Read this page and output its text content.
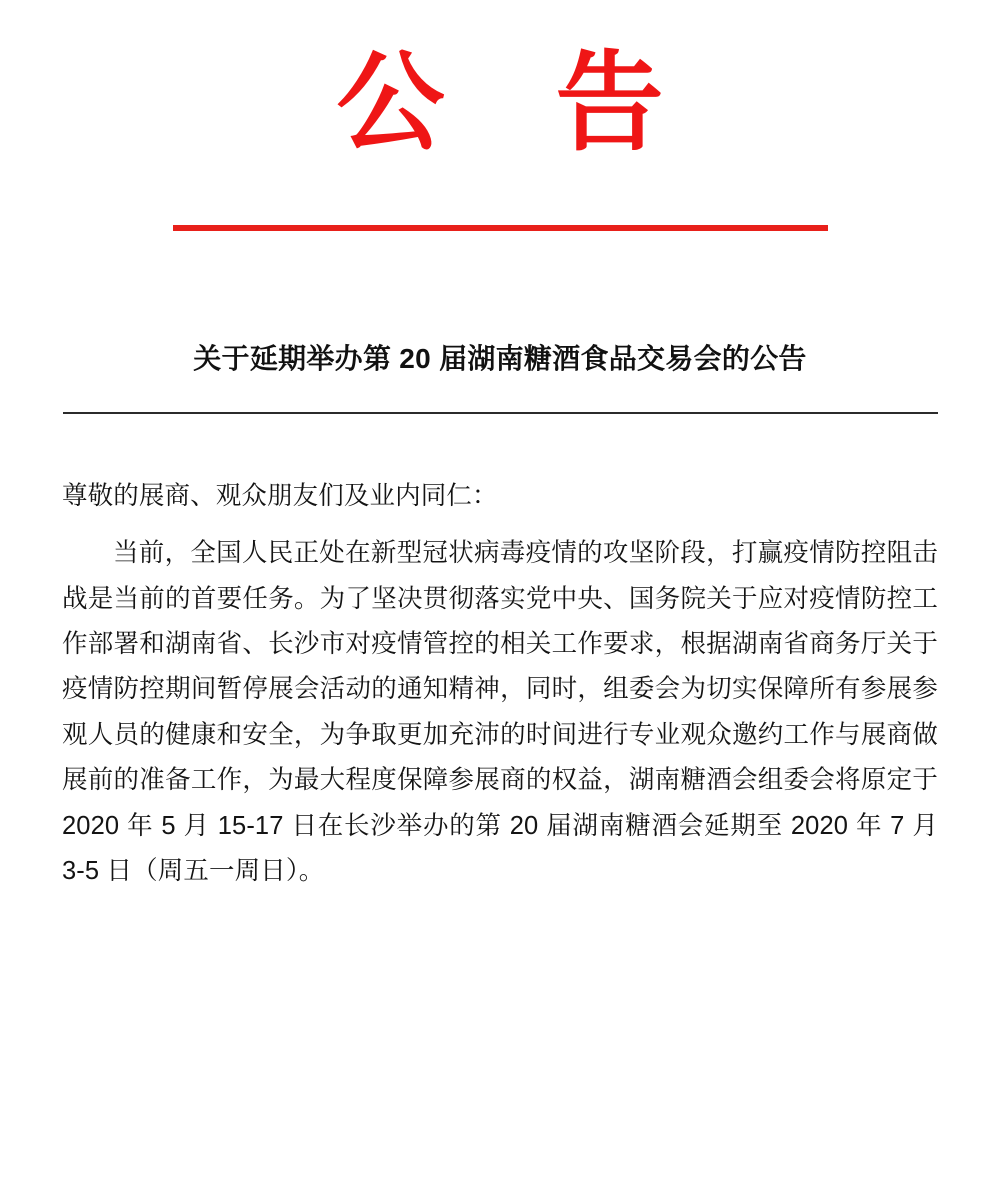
公 告
关于延期举办第 20 届湖南糖酒食品交易会的公告
尊敬的展商、观众朋友们及业内同仁：
当前，全国人民正处在新型冠状病毒疫情的攻坚阶段，打赢疫情防控阻击战是当前的首要任务。为了坚决贯彻落实党中央、国务院关于应对疫情防控工作部署和湖南省、长沙市对疫情管控的相关工作要求，根据湖南省商务厅关于疫情防控期间暂停展会活动的通知精神，同时，组委会为切实保障所有参展参观人员的健康和安全，为争取更加充沛的时间进行专业观众邀约工作与展商做展前的准备工作，为最大程度保障参展商的权益，湖南糖酒会组委会将原定于 2020 年 5 月 15-17 日在长沙举办的第 20 届湖南糖酒会延期至 2020 年 7 月 3-5 日（周五一周日）。
